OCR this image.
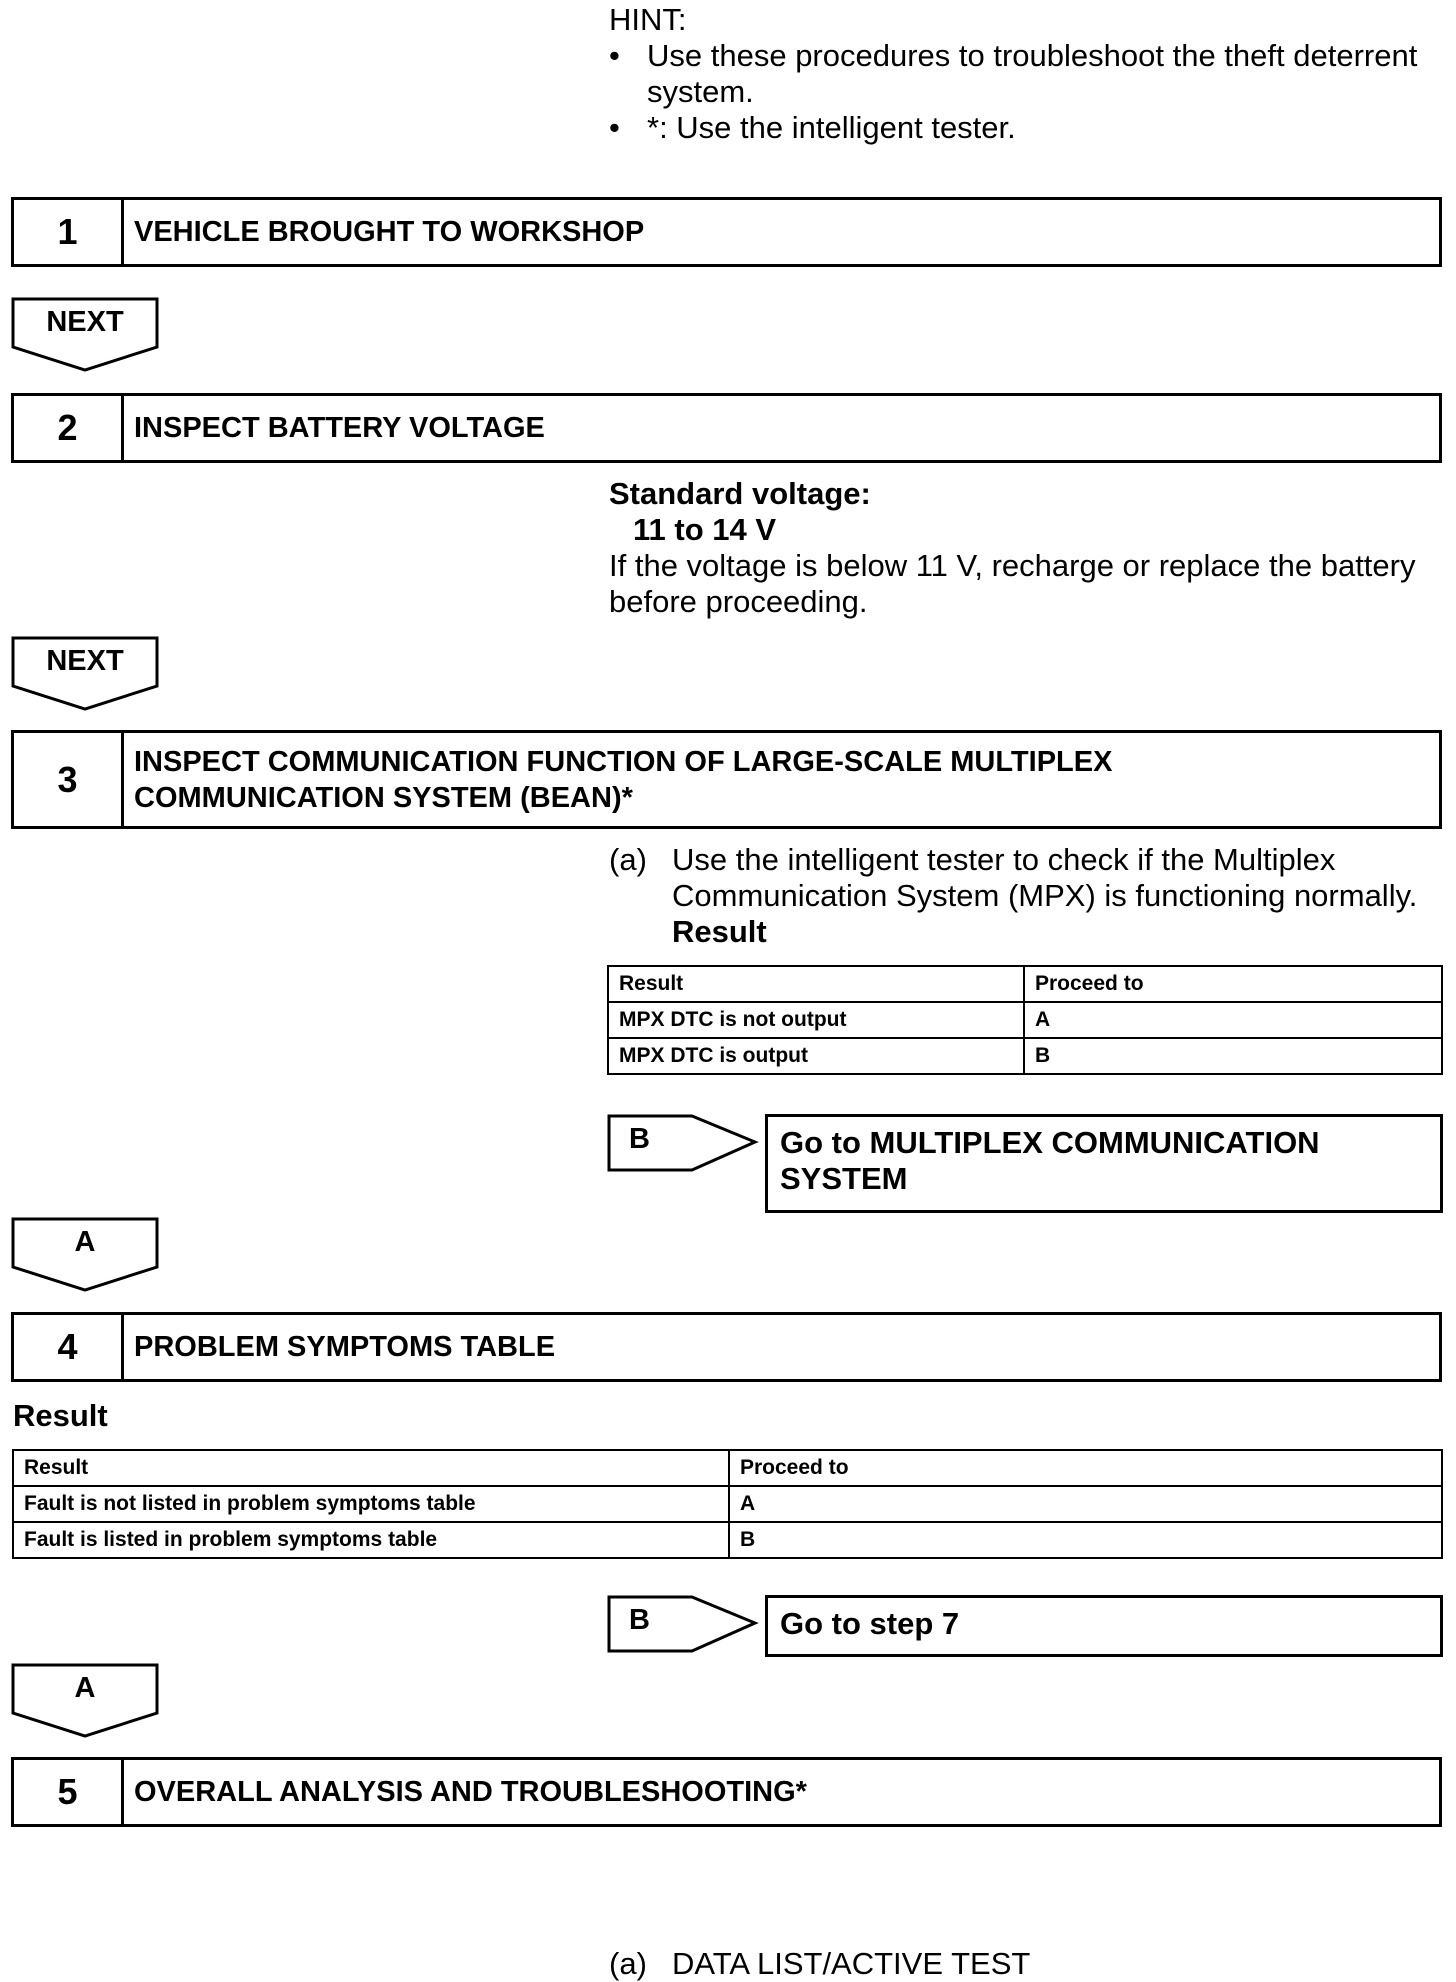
HINT:
• Use these procedures to troubleshoot the theft deterrent system.
• *: Use the intelligent tester.
1	VEHICLE BROUGHT TO WORKSHOP
NEXT
2	INSPECT BATTERY VOLTAGE
Standard voltage:
11 to 14 V
If the voltage is below 11 V, recharge or replace the battery before proceeding.
NEXT
3	INSPECT COMMUNICATION FUNCTION OF LARGE-SCALE MULTIPLEX
COMMUNICATION SYSTEM (BEAN)*
(a) Use the intelligent tester to check if the Multiplex Communication System (MPX) is functioning normally.
Result
Result	Proceed to
MPX DTC is not output	A
MPX DTC is output	B
B	Go to MULTIPLEX COMMUNICATION
SYSTEM
A
4	PROBLEM SYMPTOMS TABLE
Result
Result	Proceed to
Fault is not listed in problem symptoms table	A
Fault is listed in problem symptoms table	B
B	Go to step 7
A
5	OVERALL ANALYSIS AND TROUBLESHOOTING*
(a) DATA LIST/ACTIVE TEST
